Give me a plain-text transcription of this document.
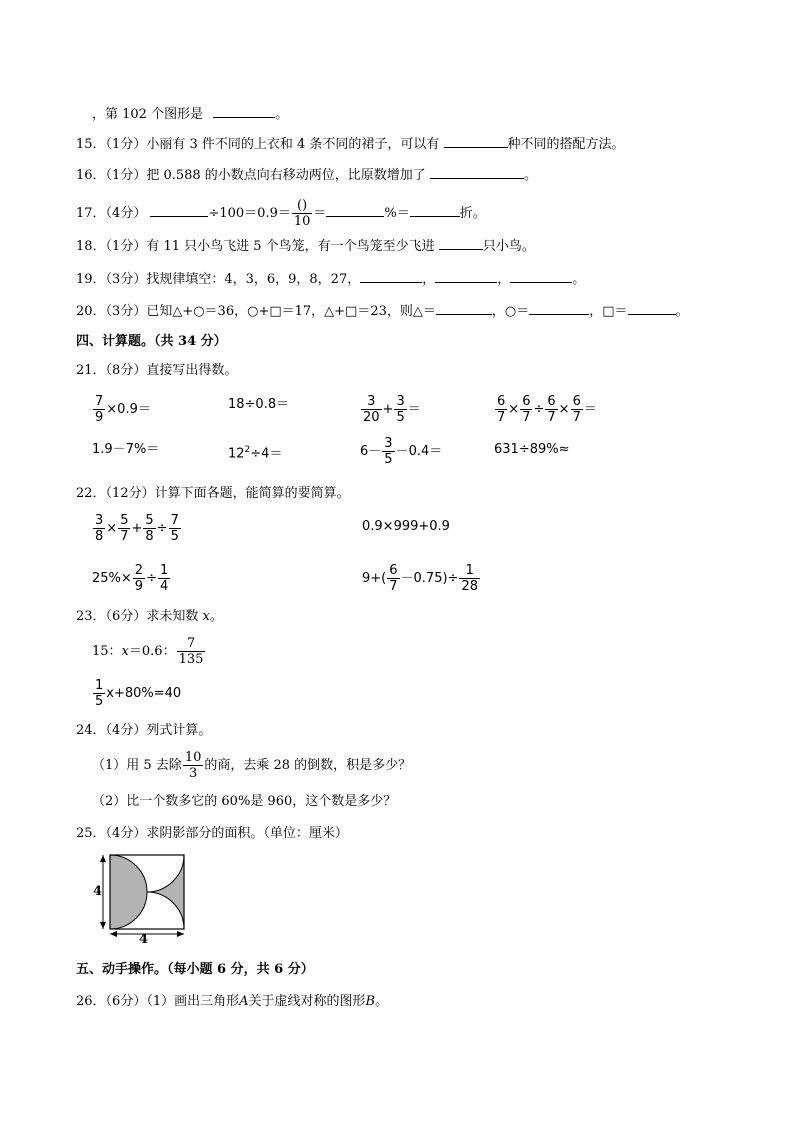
，第 102 个图形是	。
15．（1分）小丽有 3 件不同的上衣和 4 条不同的裙子，可以有	种不同的搭配方法。
16．（1分）把 0.588 的小数点向右移动两位，比原数增加了	。
17．（4分）	$\div 100=0.9= \frac{()}{10}$ ＝	%＝	折。
18．（1分）有 11 只小鸟飞进 5 个鸟笼，有一个鸟笼至少飞进	只小鸟。
19．（3分）找规律填空：4，3，6，9，8，27，	，	，	。
20．（3分）已知△+○＝36，○+□＝17，△+□＝23，则△＝	，○＝	，□＝	。
四、计算题。（共 34 分）
21．（8分）直接写出得数。
$\frac{7}{9} \times 0.9=$	18÷0.8＝	$\frac{3}{20} + \frac{3}{5}$ ＝	$\frac{6}{7} \times \frac{6}{7} \div \frac{6}{7} \times \frac{6}{7}$ ＝
1.9－7%＝	$12^2\div 4=$	$6- \frac{3}{5} -0.4=$	631÷89%≈
22．（12分）计算下面各题，能简算的要简算。
$\frac{3}{8} \times \frac{5}{7} + \frac{5}{8} \div \frac{7}{5}$	0.9×999+0.9
$25\%\times \frac{2}{9} \div \frac{1}{4}$	$9+( \frac{6}{7} -0.75)\div \frac{1}{28}$
23．（6分）求未知数 x。
15：x＝0.6： $\frac{7}{135}$
$\frac{1}{5} x+80\%=40$
24．（4分）列式计算。
（1）用 5 去除 $\frac{10}{3}$ 的商，去乘 28 的倒数，积是多少？
（2）比一个数多它的 60%是 960，这个数是多少？
25．（4分）求阴影部分的面积。（单位：厘米）
4
4
五、动手操作。（每小题 6 分，共 6 分）
26．（6分）（1）画出三角形A关于虚线对称的图形B。
